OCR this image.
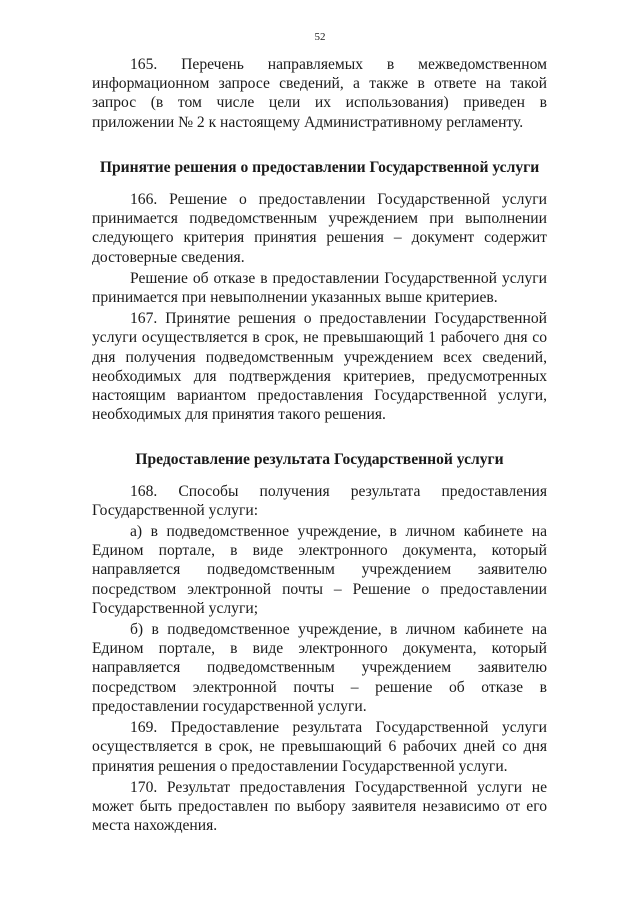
52

165. Перечень направляемых в межведомственном информационном запросе сведений, а также в ответе на такой запрос (в том числе цели их использования) приведен в приложении № 2 к настоящему Административному регламенту.

Принятие решения о предоставлении Государственной услуги

166. Решение о предоставлении Государственной услуги принимается подведомственным учреждением при выполнении следующего критерия принятия решения – документ содержит достоверные сведения.

Решение об отказе в предоставлении Государственной услуги принимается при невыполнении указанных выше критериев.

167. Принятие решения о предоставлении Государственной услуги осуществляется в срок, не превышающий 1 рабочего дня со дня получения подведомственным учреждением всех сведений, необходимых для подтверждения критериев, предусмотренных настоящим вариантом предоставления Государственной услуги, необходимых для принятия такого решения.

Предоставление результата Государственной услуги

168. Способы получения результата предоставления Государственной услуги:

а) в подведомственное учреждение, в личном кабинете на Едином портале, в виде электронного документа, который направляется подведомственным учреждением заявителю посредством электронной почты – Решение о предоставлении Государственной услуги;

б) в подведомственное учреждение, в личном кабинете на Едином портале, в виде электронного документа, который направляется подведомственным учреждением заявителю посредством электронной почты – решение об отказе в предоставлении государственной услуги.

169. Предоставление результата Государственной услуги осуществляется в срок, не превышающий 6 рабочих дней со дня принятия решения о предоставлении Государственной услуги.

170. Результат предоставления Государственной услуги не может быть предоставлен по выбору заявителя независимо от его места нахождения.
